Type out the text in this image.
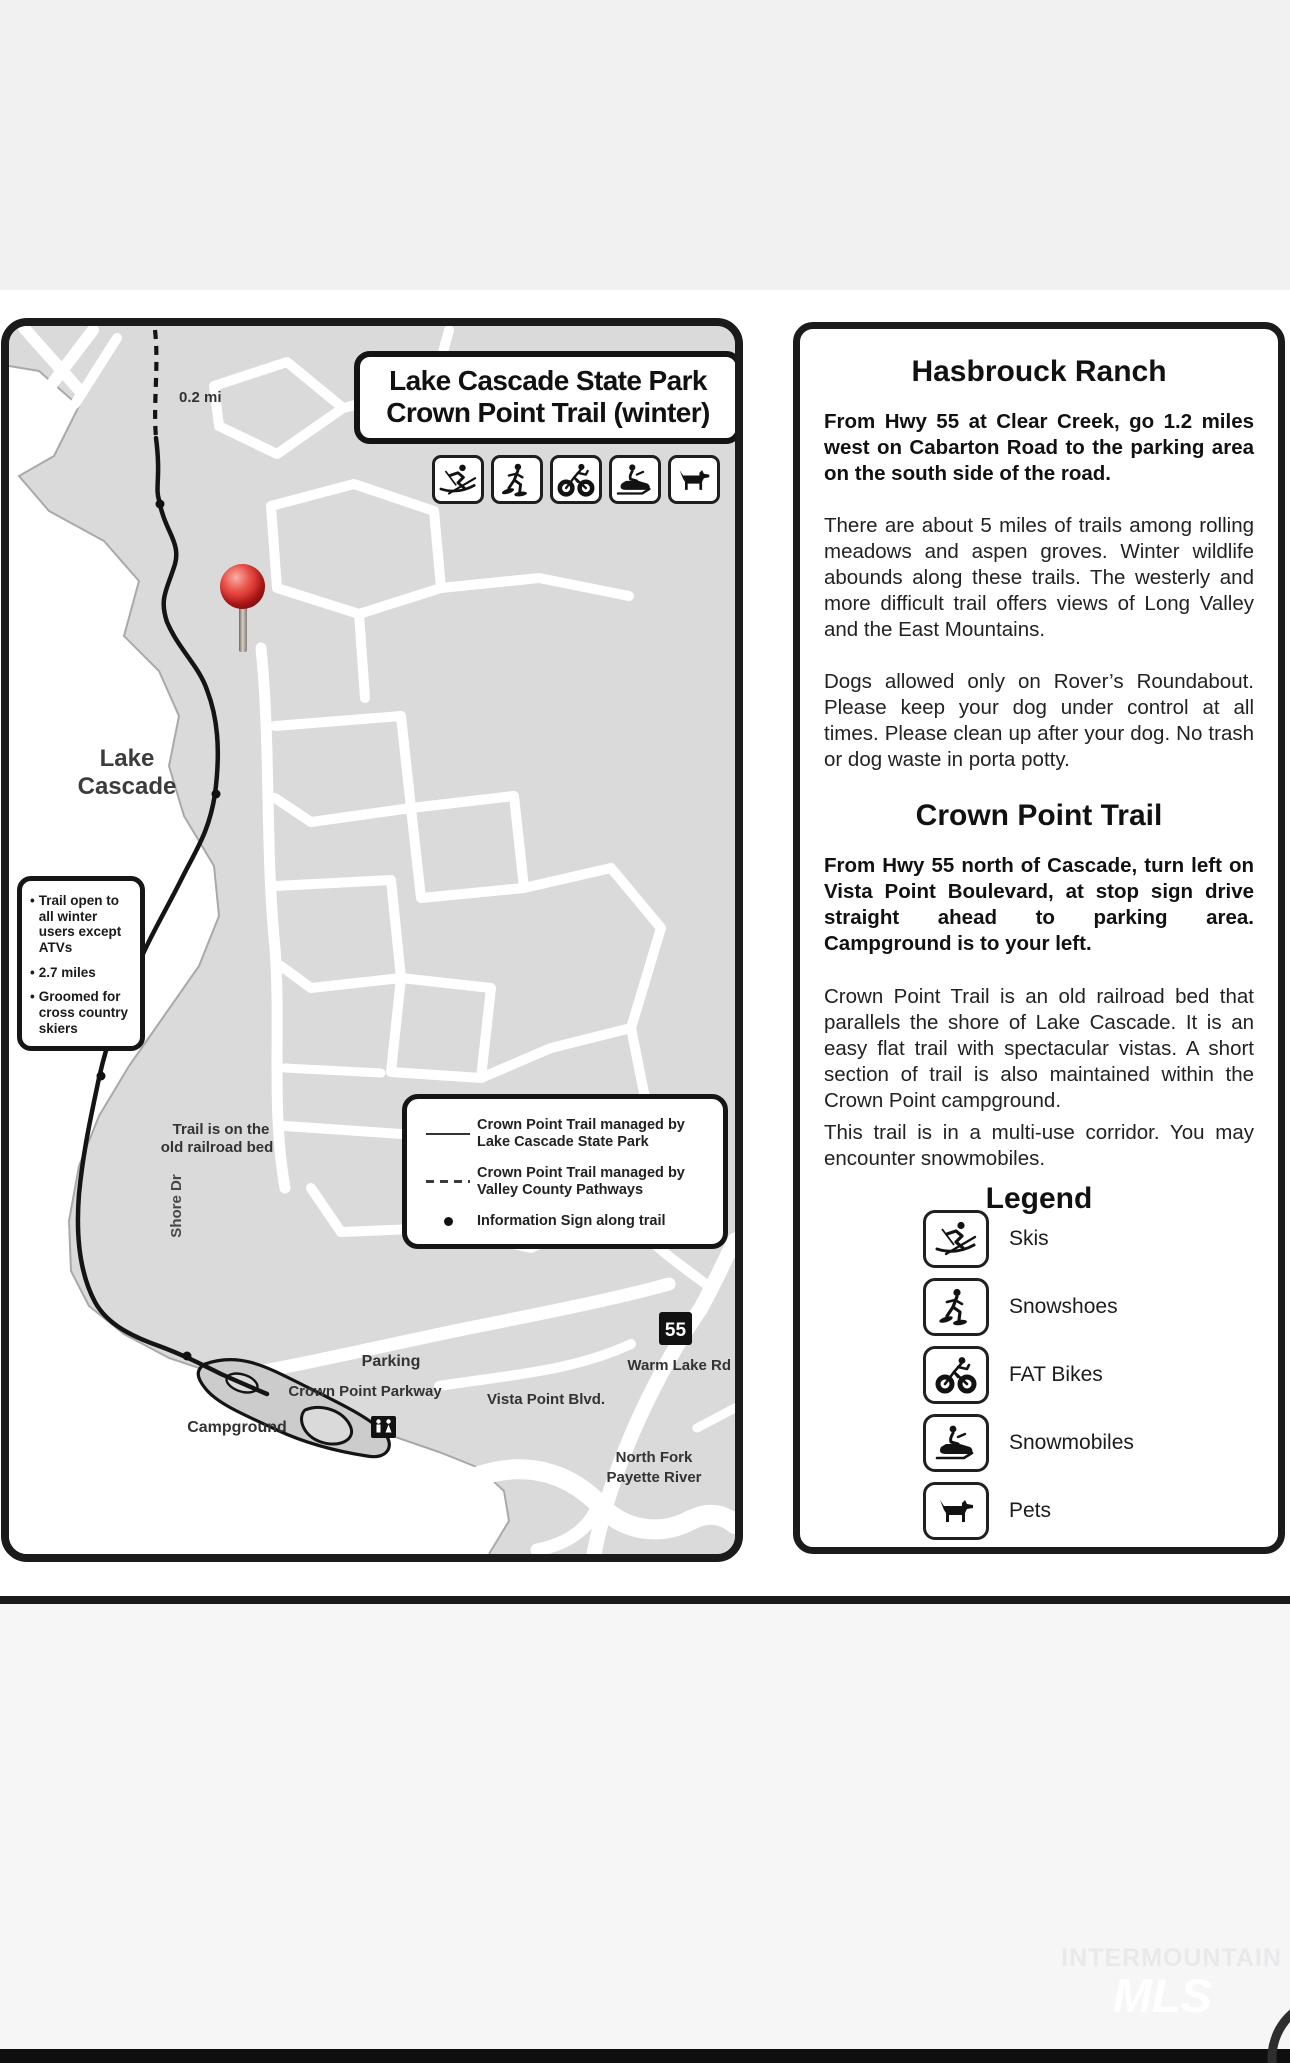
55
0.2 mi
Lake
Cascade
Trail is on the
old railroad bed
Shore Dr
Parking
Crown Point Parkway
Campground
Vista Point Blvd.
Warm Lake Rd
North Fork
Payette River
Lake Cascade State Park
Crown Point Trail (winter)
• Trail open to all winter users except ATVs
• 2.7 miles
• Groomed for cross country skiers
Crown Point Trail managed by
Lake Cascade State Park
Crown Point Trail managed by
Valley County Pathways
Information Sign along trail
Hasbrouck Ranch

From Hwy 55 at Clear Creek, go 1.2 miles west on Cabarton Road to the parking area on the south side of the road.

There are about 5 miles of trails among rolling meadows and aspen groves. Winter wildlife abounds along these trails. The westerly and more difficult trail offers views of Long Valley and the East Mountains.

Dogs allowed only on Rover’s Roundabout. Please keep your dog under control at all times. Please clean up after your dog. No trash or dog waste in porta potty.

Crown Point Trail

From Hwy 55 north of Cascade, turn left on Vista Point Boulevard, at stop sign drive straight ahead to parking area. Campground is to your left.

Crown Point Trail is an old railroad bed that parallels the shore of Lake Cascade. It is an easy flat trail with spectacular vistas. A short section of trail is also maintained within the Crown Point campground.

This trail is in a multi-use corridor. You may encounter snowmobiles.

Legend
Skis
Snowshoes
FAT Bikes
Snowmobiles
Pets
INTERMOUNTAIN
MLS
